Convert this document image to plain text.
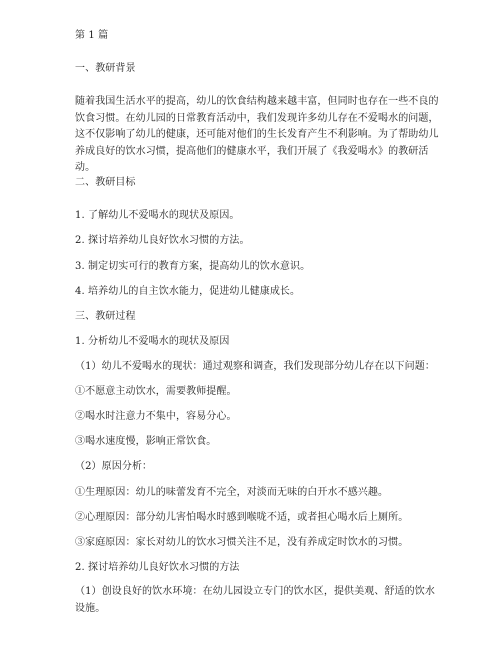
第 1 篇
一、教研背景
随着我国生活水平的提高，幼儿的饮食结构越来越丰富，但同时也存在一些不良的饮食习惯。在幼儿园的日常教育活动中，我们发现许多幼儿存在不爱喝水的问题，这不仅影响了幼儿的健康，还可能对他们的生长发育产生不利影响。为了帮助幼儿养成良好的饮水习惯，提高他们的健康水平，我们开展了《我爱喝水》的教研活动。
二、教研目标
1. 了解幼儿不爱喝水的现状及原因。
2. 探讨培养幼儿良好饮水习惯的方法。
3. 制定切实可行的教育方案，提高幼儿的饮水意识。
4. 培养幼儿的自主饮水能力，促进幼儿健康成长。
三、教研过程
1. 分析幼儿不爱喝水的现状及原因
（1）幼儿不爱喝水的现状：通过观察和调查，我们发现部分幼儿存在以下问题：
①不愿意主动饮水，需要教师提醒。
②喝水时注意力不集中，容易分心。
③喝水速度慢，影响正常饮食。
（2）原因分析：
①生理原因：幼儿的味蕾发育不完全，对淡而无味的白开水不感兴趣。
②心理原因：部分幼儿害怕喝水时感到喉咙不适，或者担心喝水后上厕所。
③家庭原因：家长对幼儿的饮水习惯关注不足，没有养成定时饮水的习惯。
2. 探讨培养幼儿良好饮水习惯的方法
（1）创设良好的饮水环境：在幼儿园设立专门的饮水区，提供美观、舒适的饮水设施。
